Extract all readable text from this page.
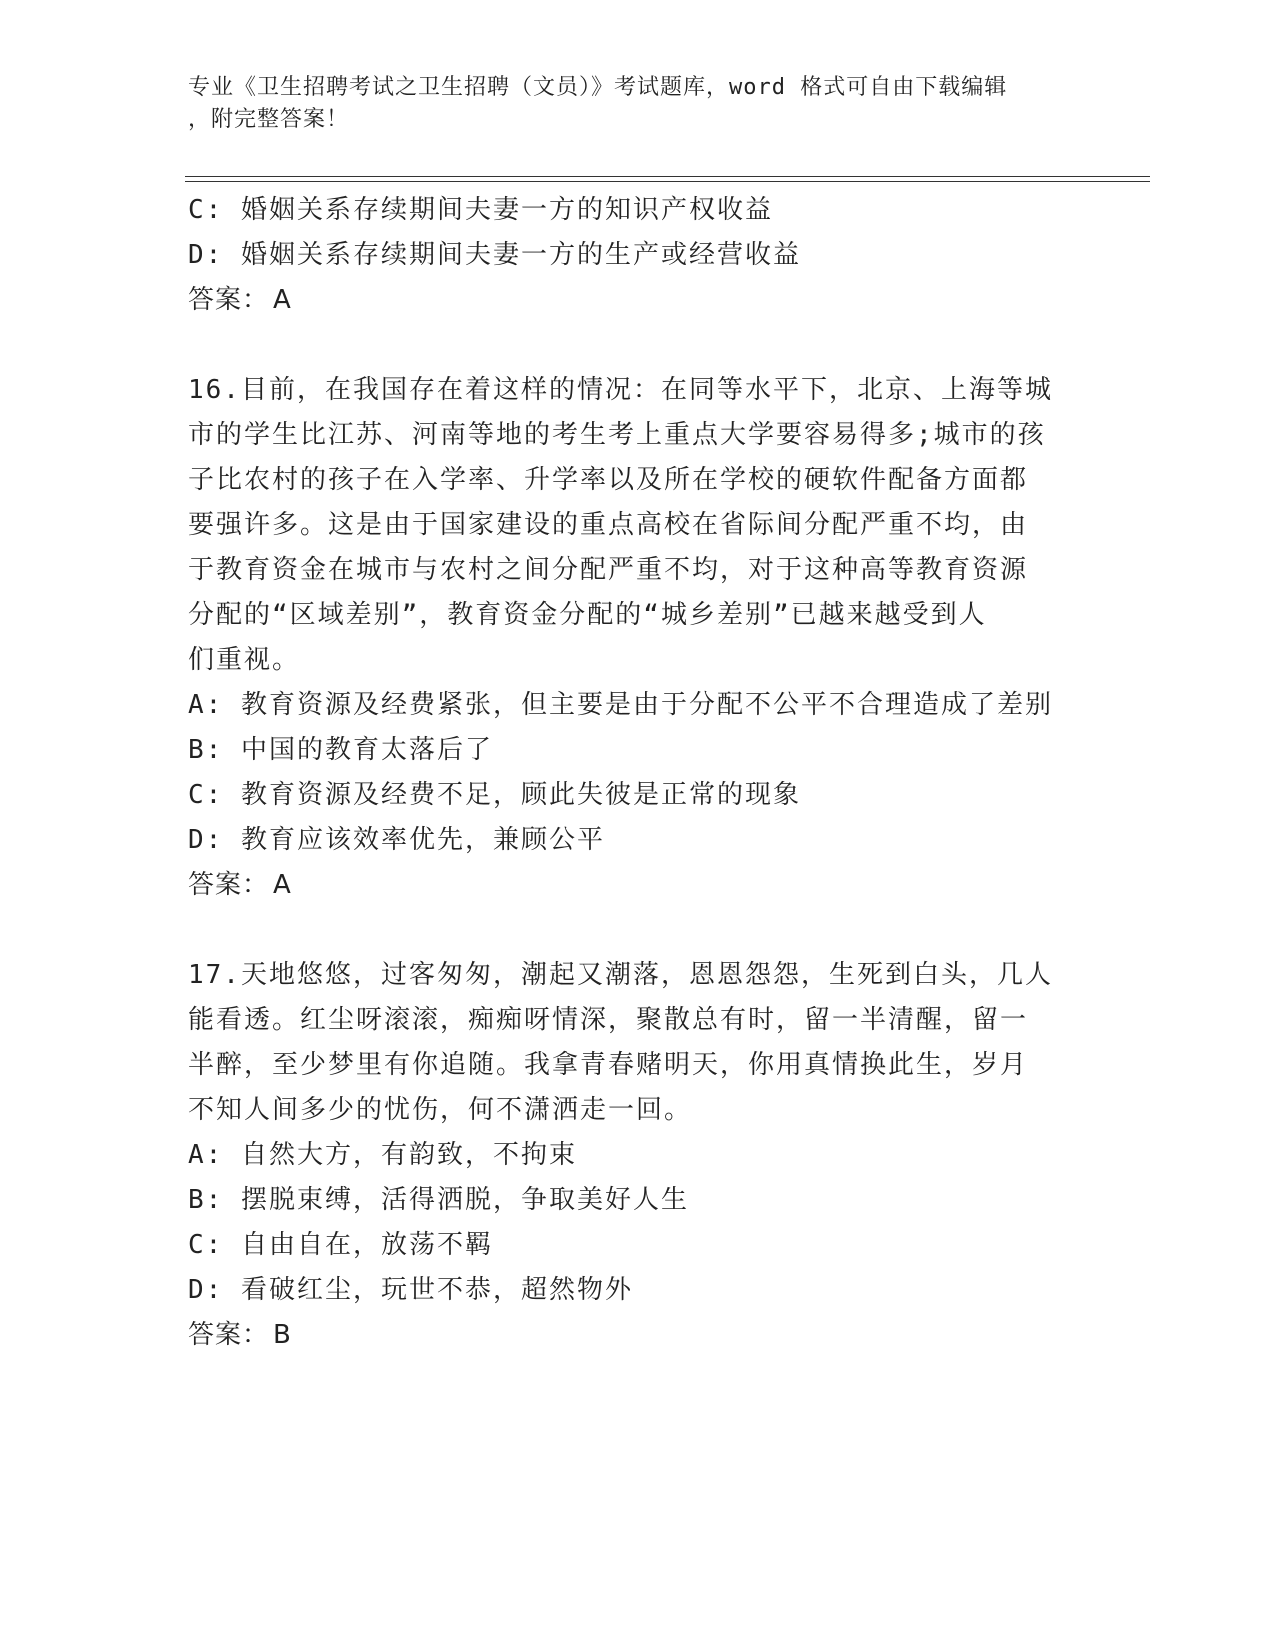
专业《卫生招聘考试之卫生招聘（文员）》考试题库，word 格式可自由下载编辑
，附完整答案！
C: 婚姻关系存续期间夫妻一方的知识产权收益
D: 婚姻关系存续期间夫妻一方的生产或经营收益
答案： A
16.目前，在我国存在着这样的情况：在同等水平下，北京、上海等城
市的学生比江苏、河南等地的考生考上重点大学要容易得多;城市的孩
子比农村的孩子在入学率、升学率以及所在学校的硬软件配备方面都
要强许多。这是由于国家建设的重点高校在省际间分配严重不均，由
于教育资金在城市与农村之间分配严重不均，对于这种高等教育资源
分配的“区域差别”，教育资金分配的“城乡差别”已越来越受到人
们重视。
A: 教育资源及经费紧张，但主要是由于分配不公平不合理造成了差别
B: 中国的教育太落后了
C: 教育资源及经费不足，顾此失彼是正常的现象
D: 教育应该效率优先，兼顾公平
答案： A
17.天地悠悠，过客匆匆，潮起又潮落，恩恩怨怨，生死到白头，几人
能看透。红尘呀滚滚，痴痴呀情深，聚散总有时，留一半清醒，留一
半醉，至少梦里有你追随。我拿青春赌明天，你用真情换此生，岁月
不知人间多少的忧伤，何不潇洒走一回。
A: 自然大方，有韵致，不拘束
B: 摆脱束缚，活得洒脱，争取美好人生
C: 自由自在，放荡不羁
D: 看破红尘，玩世不恭，超然物外
答案： B
